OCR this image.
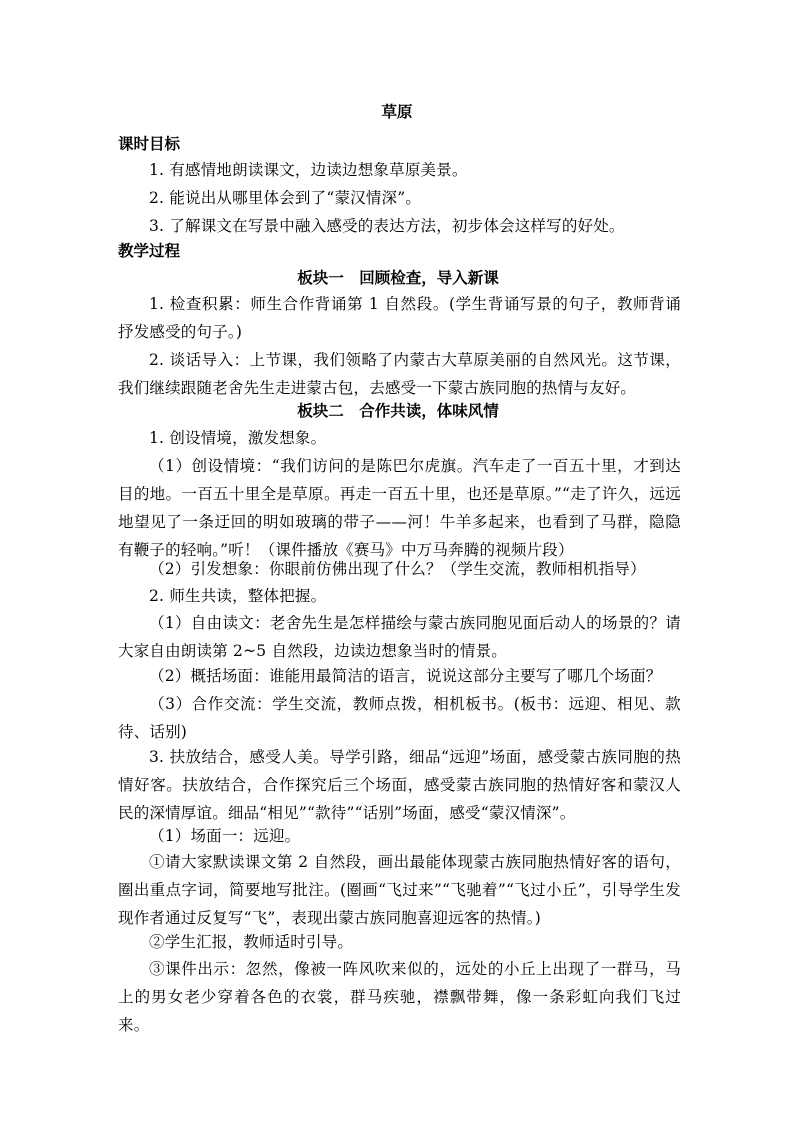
草原
课时目标

1. 有感情地朗读课文，边读边想象草原美景。

2. 能说出从哪里体会到了“蒙汉情深”。

3. 了解课文在写景中融入感受的表达方法，初步体会这样写的好处。

教学过程
板块一　回顾检查，导入新课

1. 检查积累：师生合作背诵第 1 自然段。(学生背诵写景的句子，教师背诵抒发感受的句子。)

2. 谈话导入：上节课，我们领略了内蒙古大草原美丽的自然风光。这节课，我们继续跟随老舍先生走进蒙古包，去感受一下蒙古族同胞的热情与友好。

板块二　合作共读，体味风情

1. 创设情境，激发想象。

（1）创设情境：“我们访问的是陈巴尔虎旗。汽车走了一百五十里，才到达目的地。一百五十里全是草原。再走一百五十里，也还是草原。”“走了许久，远远地望见了一条迂回的明如玻璃的带子——河！牛羊多起来，也看到了马群，隐隐有鞭子的轻响。”听！（课件播放《赛马》中万马奔腾的视频片段）

（2）引发想象：你眼前仿佛出现了什么？（学生交流，教师相机指导）

2. 师生共读，整体把握。

（1）自由读文：老舍先生是怎样描绘与蒙古族同胞见面后动人的场景的？请大家自由朗读第 2~5 自然段，边读边想象当时的情景。

（2）概括场面：谁能用最简洁的语言，说说这部分主要写了哪几个场面？

（3）合作交流：学生交流，教师点拨，相机板书。(板书：远迎、相见、款待、话别)

3. 扶放结合，感受人美。导学引路，细品“远迎”场面，感受蒙古族同胞的热情好客。扶放结合，合作探究后三个场面，感受蒙古族同胞的热情好客和蒙汉人民的深情厚谊。细品“相见”“款待”“话别”场面，感受“蒙汉情深”。

（1）场面一：远迎。

①请大家默读课文第 2 自然段，画出最能体现蒙古族同胞热情好客的语句，圈出重点字词，简要地写批注。(圈画“飞过来”“飞驰着”“飞过小丘”，引导学生发现作者通过反复写“飞”，表现出蒙古族同胞喜迎远客的热情。)

②学生汇报，教师适时引导。

③课件出示：忽然，像被一阵风吹来似的，远处的小丘上出现了一群马，马上的男女老少穿着各色的衣裳，群马疾驰，襟飘带舞，像一条彩虹向我们飞过来。
